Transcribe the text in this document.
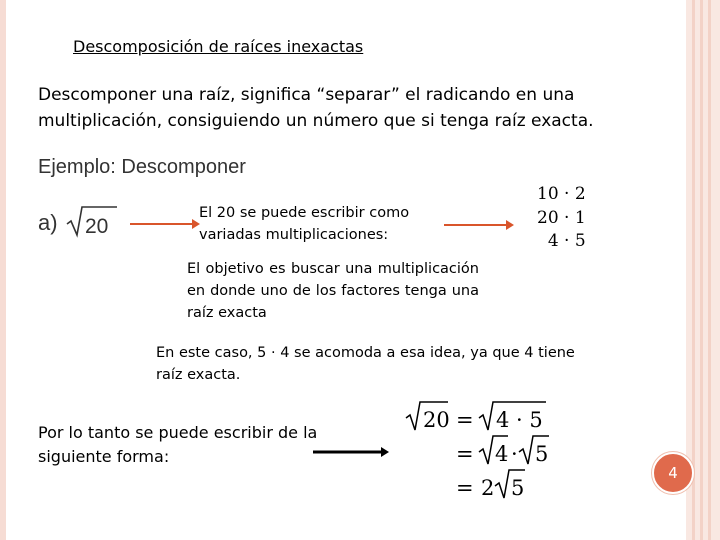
Descomposición de raíces inexactas
Descomponer una raíz, significa “separar” el radicando en una multiplicación, consiguiendo un número que si tenga raíz exacta.
Ejemplo: Descomponer
a) 20
El 20 se puede escribir como variadas multiplicaciones:
10 · 2
20 · 1
4 · 5
El objetivo es buscar una multiplicación en donde uno de los factores tenga una raíz exacta
En este caso, 5 · 4 se acomoda a esa idea, ya que 4 tiene raíz exacta.
Por lo tanto se puede escribir de la siguiente forma:
20 = 4 · 5
= 4 · 5
= 2 5
4
